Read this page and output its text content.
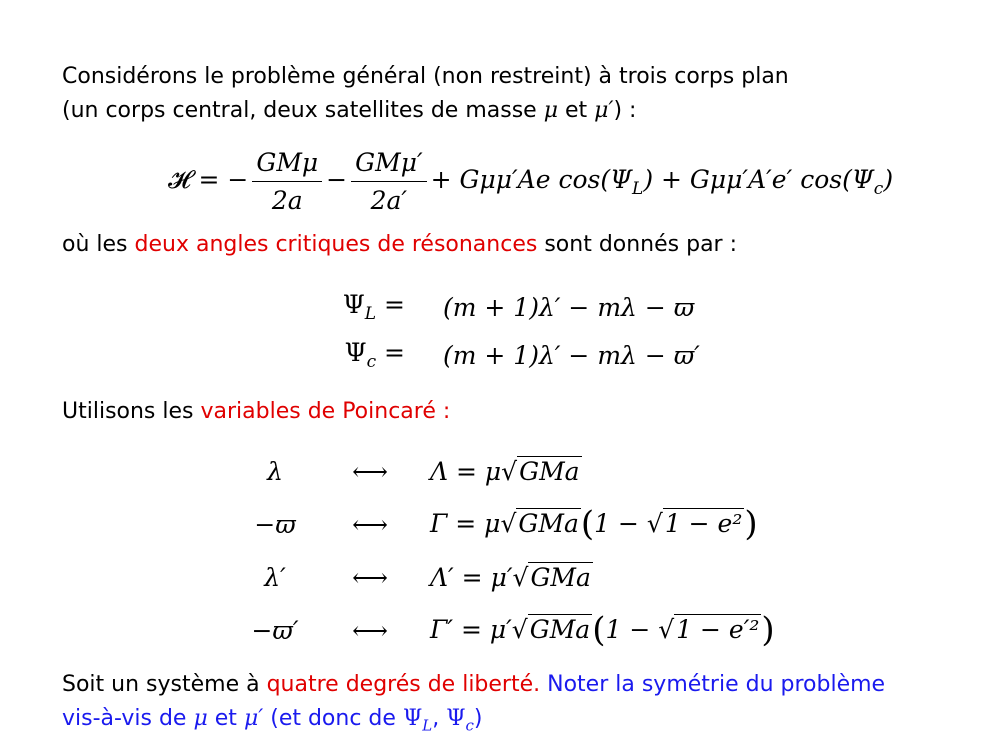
Considérons le problème général (non restreint) à trois corps plan
(un corps central, deux satellites de masse μ et μ′) :
𝓗 = − $\frac{\text{GMμ}}{2a} - \frac{\text{GMμ′}}{2a'} + G\mu\mu'Ae$ $\cos(\Psi_L) + G\mu\mu'A'e'$ $\cos(\Psi_c)$
où les deux angles critiques de résonances sont donnés par :
$\Psi_L$ =	(m + 1)λ′ − mλ − ϖ
$\Psi_c$ =	(m + 1)λ′ − mλ − ϖ′
Utilisons les variables de Poincaré :
λ	⟷	Λ = μ√GMa
−ϖ	⟷	Γ = μ√GMa(1 − √1 − e²)
λ′	⟷	Λ′ = μ′√GMa
−ϖ′	⟷	Γ′ = μ′√GMa(1 − √1 − e′²)
Soit un système à quatre degrés de liberté. Noter la symétrie du problème
vis-à-vis de μ et μ′ (et donc de $\Psi_L$, $\Psi_c$)
